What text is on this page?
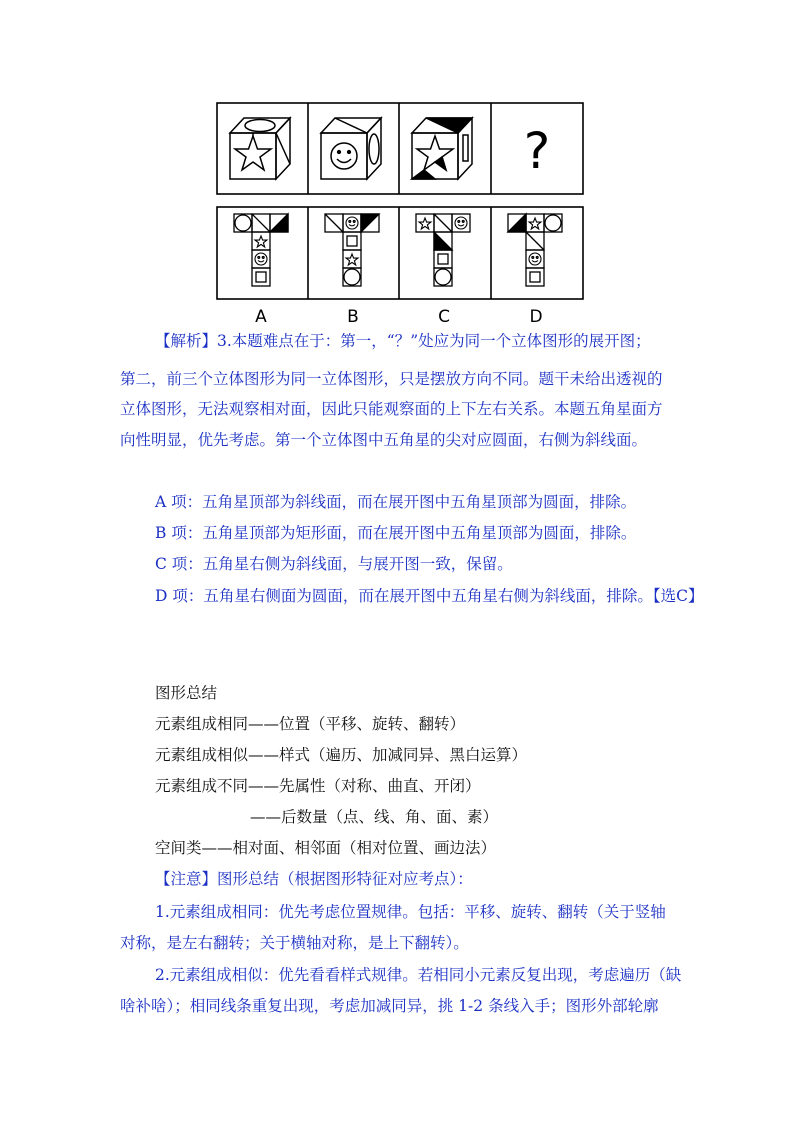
?
A	B	C	D
【解析】3.本题难点在于：第一，“？”处应为同一个立体图形的展开图；
第二，前三个立体图形为同一立体图形，只是摆放方向不同。题干未给出透视的
立体图形，无法观察相对面，因此只能观察面的上下左右关系。本题五角星面方
向性明显，优先考虑。第一个立体图中五角星的尖对应圆面，右侧为斜线面。
A 项：五角星顶部为斜线面，而在展开图中五角星顶部为圆面，排除。
B 项：五角星顶部为矩形面，而在展开图中五角星顶部为圆面，排除。
C 项：五角星右侧为斜线面，与展开图一致，保留。
D 项：五角星右侧面为圆面，而在展开图中五角星右侧为斜线面，排除。【选C】
图形总结
元素组成相同——位置（平移、旋转、翻转）
元素组成相似——样式（遍历、加减同异、黑白运算）
元素组成不同——先属性（对称、曲直、开闭）
——后数量（点、线、角、面、素）
空间类——相对面、相邻面（相对位置、画边法）
【注意】图形总结（根据图形特征对应考点）：
1.元素组成相同：优先考虑位置规律。包括：平移、旋转、翻转（关于竖轴
对称，是左右翻转；关于横轴对称，是上下翻转）。
2.元素组成相似：优先看看样式规律。若相同小元素反复出现，考虑遍历（缺
啥补啥）；相同线条重复出现，考虑加减同异，挑 1-2 条线入手；图形外部轮廓
